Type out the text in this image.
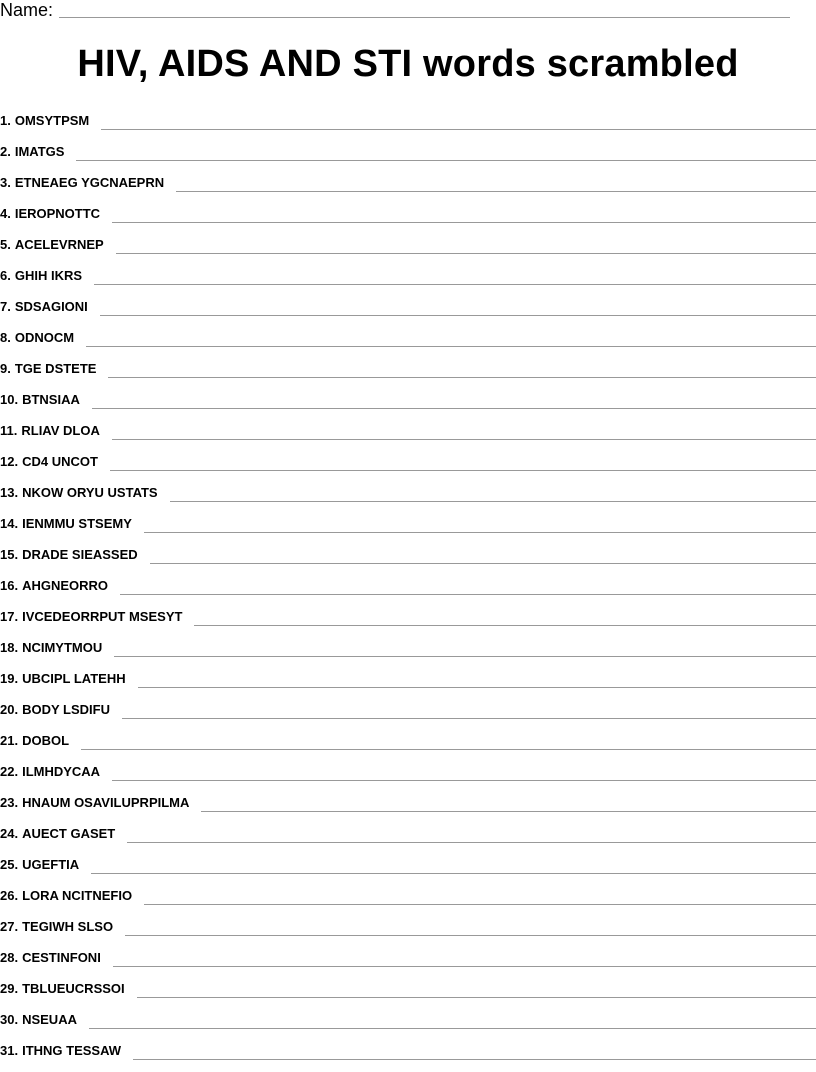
Name:
HIV, AIDS AND STI words scrambled
1. OMSYTPSM
2. IMATGS
3. ETNEAEG YGCNAEPRN
4. IEROPNOTTC
5. ACELEVRNEP
6. GHIH IKRS
7. SDSAGIONI
8. ODNOCM
9. TGE DSTETE
10. BTNSIAA
11. RLIAV DLOA
12. CD4 UNCOT
13. NKOW ORYU USTATS
14. IENMMU STSEMY
15. DRADE SIEASSED
16. AHGNEORRO
17. IVCEDEORRPUT MSESYT
18. NCIMYTMOU
19. UBCIPL LATEHH
20. BODY LSDIFU
21. DOBOL
22. ILMHDYCAA
23. HNAUM OSAVILUPRPILMA
24. AUECT GASET
25. UGEFTIA
26. LORA NCITNEFIO
27. TEGIWH SLSO
28. CESTINFONI
29. TBLUEUCRSSOI
30. NSEUAA
31. ITHNG TESSAW
